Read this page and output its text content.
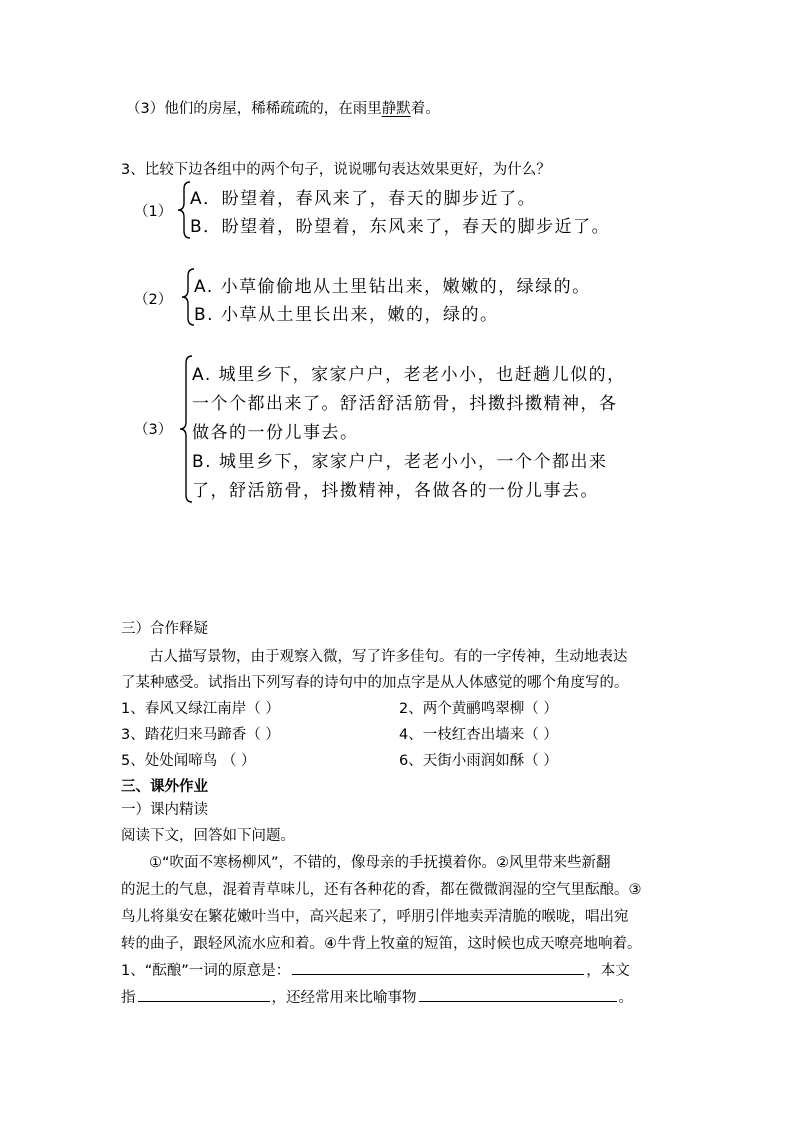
（3）他们的房屋，稀稀疏疏的，在雨里静默着。
3、比较下边各组中的两个句子，说说哪句表达效果更好，为什么？
（1）
A．盼望着，春风来了，春天的脚步近了。
B．盼望着，盼望着，东风来了，春天的脚步近了。
（2）
A. 小草偷偷地从土里钻出来，嫩嫩的，绿绿的。
B. 小草从土里长出来，嫩的，绿的。
（3）
A. 城里乡下，家家户户，老老小小，也赶趟儿似的，
一个个都出来了。舒活舒活筋骨，抖擞抖擞精神，各
做各的一份儿事去。
B. 城里乡下，家家户户，老老小小，一个个都出来
了，舒活筋骨，抖擞精神，各做各的一份儿事去。
三）合作释疑
古人描写景物，由于观察入微，写了许多佳句。有的一字传神，生动地表达
了某种感受。试指出下列写春的诗句中的加点字是从人体感觉的哪个角度写的。
1、春风又绿江南岸（ ）	2、两个黄鹂鸣翠柳（ ）
3、踏花归来马蹄香（ ）	4、一枝红杏出墙来（ ）
5、处处闻啼鸟 （ ）	6、天街小雨润如酥（ ）
三、课外作业
一）课内精读
阅读下文，回答如下问题。
①“吹面不寒杨柳风”，不错的，像母亲的手抚摸着你。②风里带来些新翻
的泥土的气息，混着青草味儿，还有各种花的香，都在微微润湿的空气里酝酿。③
鸟儿将巢安在繁花嫩叶当中，高兴起来了，呼朋引伴地卖弄清脆的喉咙，唱出宛
转的曲子，跟轻风流水应和着。④牛背上牧童的短笛，这时候也成天嘹亮地响着。
1、“酝酿”一词的原意是：	，本文
指	，还经常用来比喻事物	。
